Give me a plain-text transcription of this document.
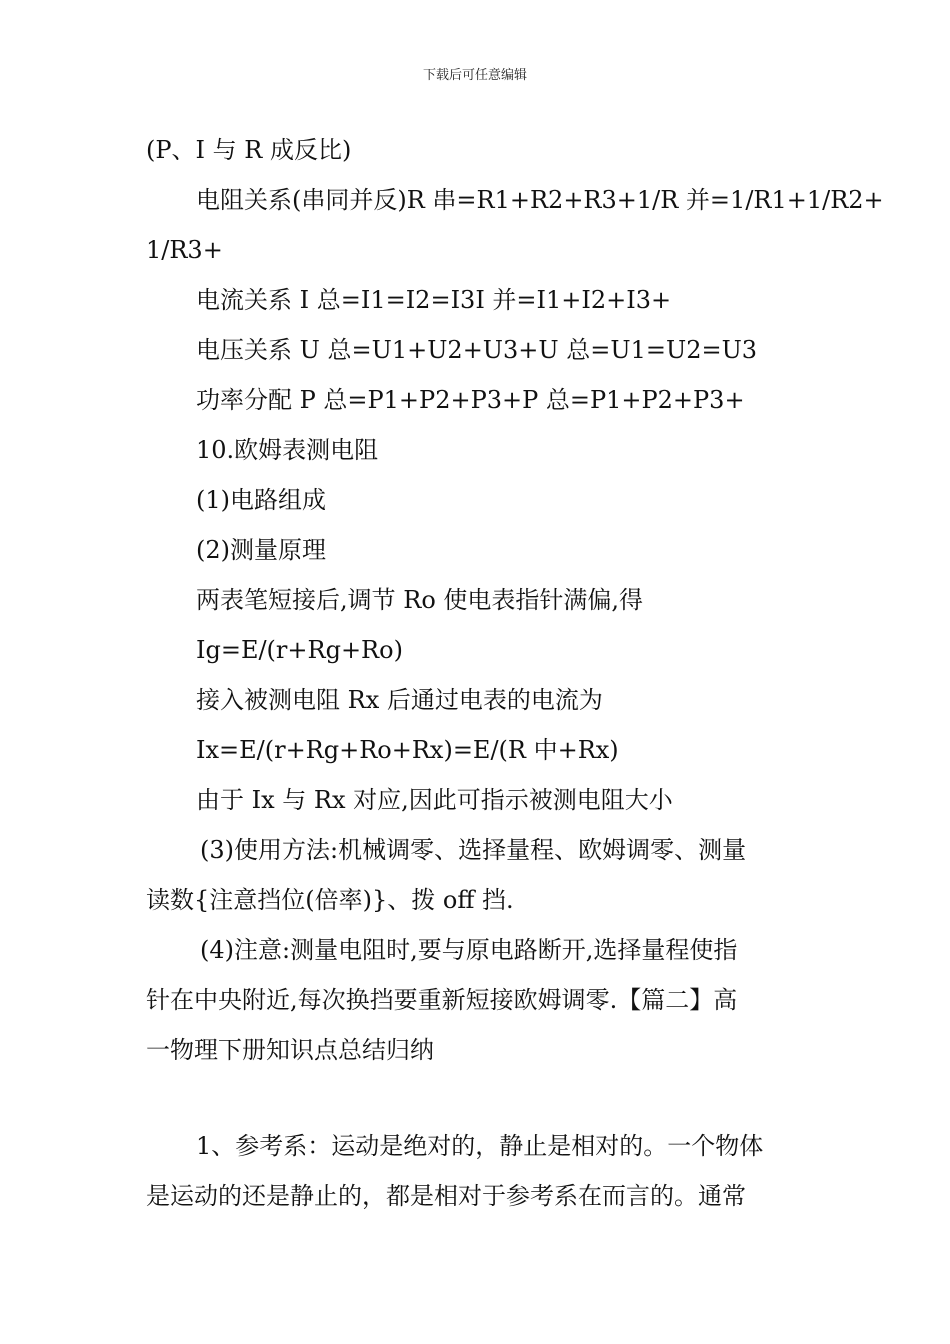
下载后可任意编辑
(P、I 与 R 成反比)
电阻关系(串同并反)R 串=R1+R2+R3+1/R 并=1/R1+1/R2+
1/R3+
电流关系 I 总=I1=I2=I3I 并=I1+I2+I3+
电压关系 U 总=U1+U2+U3+U 总=U1=U2=U3
功率分配 P 总=P1+P2+P3+P 总=P1+P2+P3+
10.欧姆表测电阻
(1)电路组成
(2)测量原理
两表笔短接后,调节 Ro 使电表指针满偏,得
Ig=E/(r+Rg+Ro)
接入被测电阻 Rx 后通过电表的电流为
Ix=E/(r+Rg+Ro+Rx)=E/(R 中+Rx)
由于 Ix 与 Rx 对应,因此可指示被测电阻大小
(3)使用方法:机械调零、选择量程、欧姆调零、测量
读数{注意挡位(倍率)}、拨 off 挡.
(4)注意:测量电阻时,要与原电路断开,选择量程使指
针在中央附近,每次换挡要重新短接欧姆调零.【篇二】高
一物理下册知识点总结归纳
1、参考系：运动是绝对的，静止是相对的。一个物体
是运动的还是静止的，都是相对于参考系在而言的。通常
